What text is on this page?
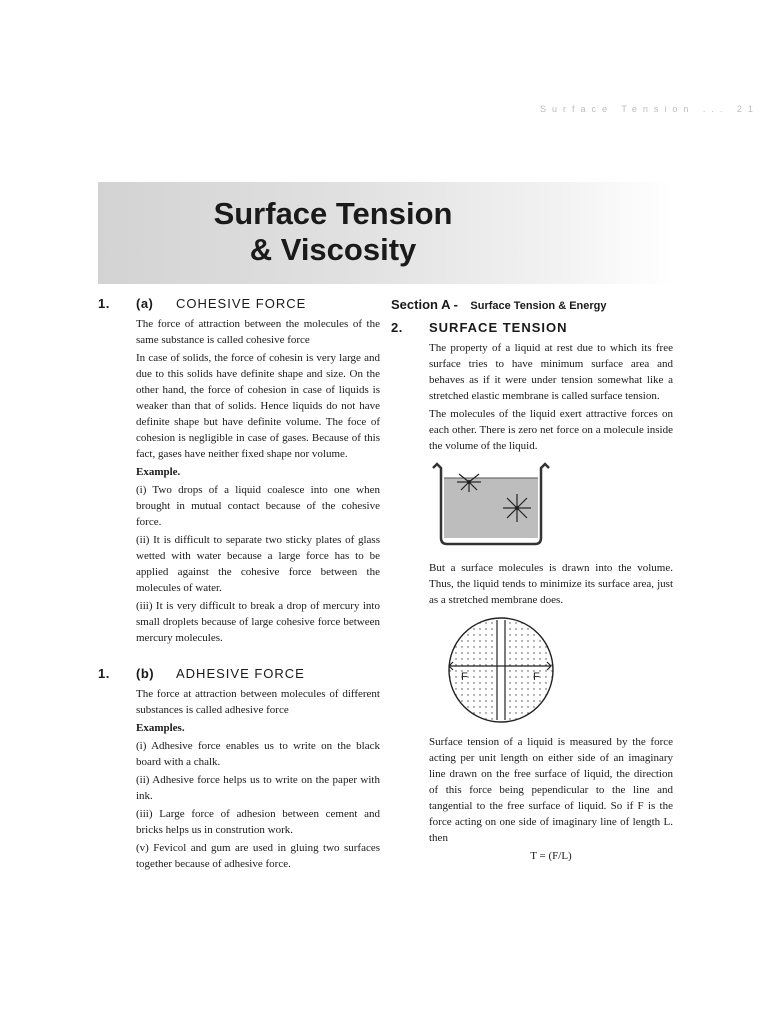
Surface Tension ... 21
Surface Tension
& Viscosity
1.	(a)	COHESIVE FORCE

The force of attraction between the molecules of the same substance is called cohesive force

In case of solids, the force of cohesin is very large and due to this solids have definite shape and size. On the other hand, the force of cohesion in case of liquids is weaker than that of solids. Hence liquids do not have definite shape but have definite volume. The foce of cohesion is negligible in case of gases. Because of this fact, gases have neither fixed shape nor volume.

Example.

(i) Two drops of a liquid coalesce into one when brought in mutual contact because of the cohesive force.

(ii) It is difficult to separate two sticky plates of glass wetted with water because a large force has to be applied against the cohesive force between the molecules of water.

(iii) It is very difficult to break a drop of mercury into small droplets because of large cohesive force between mercury molecules.

1.	(b)	ADHESIVE FORCE

The force at attraction between molecules of different substances is called adhesive force

Examples.

(i) Adhesive force enables us to write on the black board with a chalk.

(ii) Adhesive force helps us to write on the paper with ink.

(iii) Large force of adhesion between cement and bricks helps us in constrution work.

(v) Fevicol and gum are used in gluing two surfaces together because of adhesive force.

Section A - Surface Tension & Energy
2.	SURFACE TENSION

The property of a liquid at rest due to which its free surface tries to have minimum surface area and behaves as if it were under tension somewhat like a stretched elastic membrane is called surface tension.

The molecules of the liquid exert attractive forces on each other. There is zero net force on a molecule inside the volume of the liquid.

But a surface molecules is drawn into the volume. Thus, the liquid tends to minimize its surface area, just as a stretched membrane does.

F	F

Surface tension of a liquid is measured by the force acting per unit length on either side of an imaginary line drawn on the free surface of liquid, the direction of this force being pependicular to the line and tangential to the free surface of liquid. So if F is the force acting on one side of imaginary line of length L. then

T = (F/L)
